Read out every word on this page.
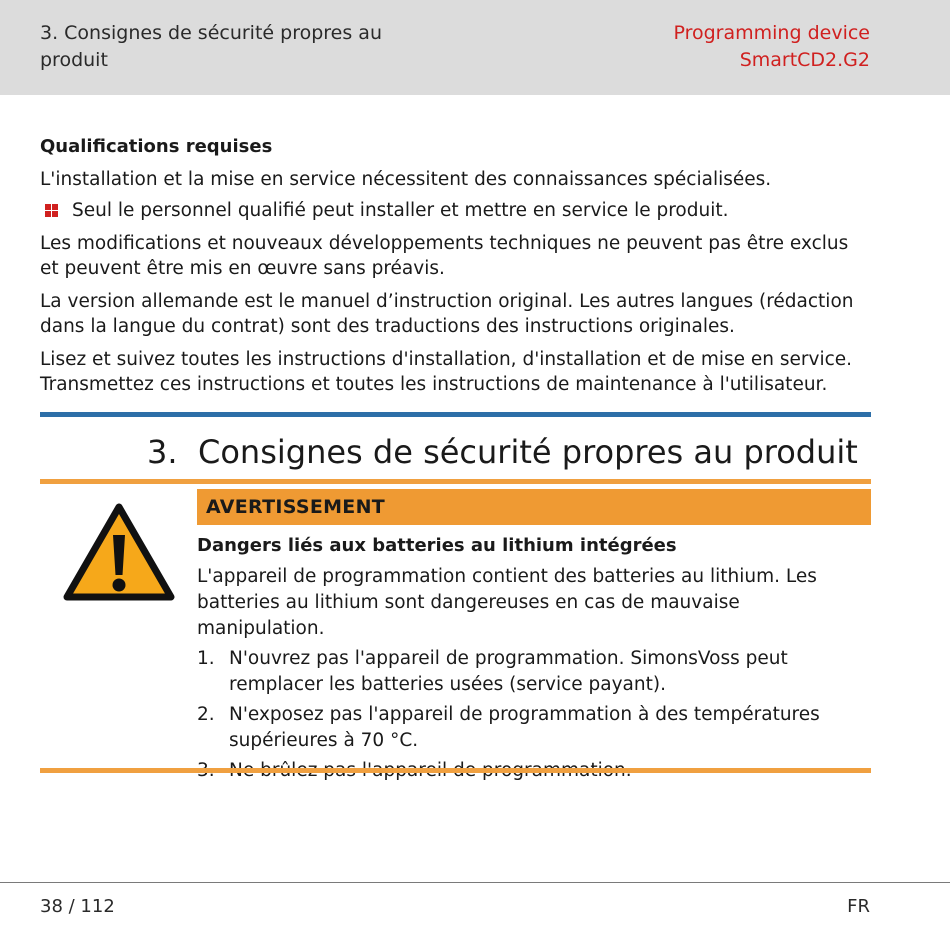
3. Consignes de sécurité propres au produit
Programming device
SmartCD2.G2

Qualifications requises

L'installation et la mise en service nécessitent des connaissances spécialisées.

Seul le personnel qualifié peut installer et mettre en service le produit.

Les modifications et nouveaux développements techniques ne peuvent pas être exclus et peuvent être mis en œuvre sans préavis.

La version allemande est le manuel d’instruction original. Les autres langues (rédaction dans la langue du contrat) sont des traductions des instructions originales.

Lisez et suivez toutes les instructions d'installation, d'installation et de mise en service. Transmettez ces instructions et toutes les instructions de maintenance à l'utilisateur.

3. Consignes de sécurité propres au produit
AVERTISSEMENT

Dangers liés aux batteries au lithium intégrées

L'appareil de programmation contient des batteries au lithium. Les batteries au lithium sont dangereuses en cas de mauvaise manipulation.

1. N'ouvrez pas l'appareil de programmation. SimonsVoss peut remplacer les batteries usées (service payant).
2. N'exposez pas l'appareil de programmation à des températures supérieures à 70 °C.
38 / 112	FR
